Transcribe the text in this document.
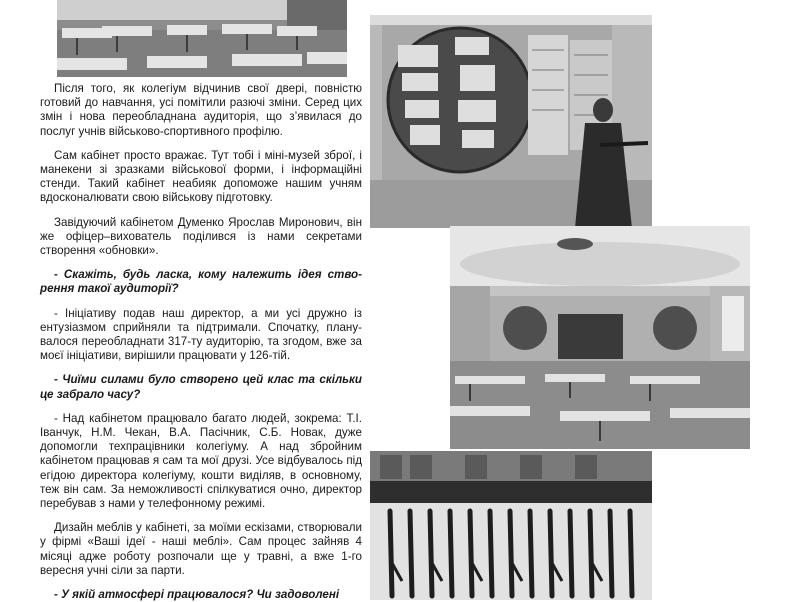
Після того, як колегіум відчинив свої двері, повністю готовий до навчання, усі помітили разючі зміни. Серед цих змін і нова переобладнана аудиторія, що з’явилася до послуг учнів військово-спортивного профілю.

Сам кабінет просто вражає. Тут тобі і міні-музей зброї, і манекени зі зразками військової форми, і інформаційні стенди. Такий кабінет неабияк допоможе нашим учням вдосконалювати свою військову підготовку.

Завідуючий кабінетом Думенко Ярослав Миронович, він же офіцер–вихователь поділився із нами секретами створення «обновки».

- Скажіть, будь ласка, кому належить ідея створення такої аудиторії?

- Ініціативу подав наш директор, а ми усі дружно із ентузіазмом сприйняли та підтримали. Спочатку, планувалося переобладнати 317-ту аудиторію, та згодом, вже за моєї ініціативи, вирішили працювати у 126-тій.

- Чиїми силами було створено цей клас та скільки це забрало часу?

- Над кабінетом працювало багато людей, зокрема: Т.І. Іванчук, Н.М. Чекан, В.А. Пасічник, С.Б. Новак, дуже допомогли техпрацівники колегіуму. А над збройним кабінетом працював я сам та мої друзі. Усе відбувалось під егідою директора колегіуму, кошти виділяв, в основному, теж він сам. За неможливості спілкуватися очно, директор перебував з нами у телефонному режимі.

Дизайн меблів у кабінеті, за моїми ескізами, створювали у фірмі «Ваші ідеї - наші меблі». Сам процес зайняв 4 місяці адже роботу розпочали ще у травні, а вже 1-го вересня учні сіли за парти.

- У якій атмосфері працювалося? Чи задоволені
